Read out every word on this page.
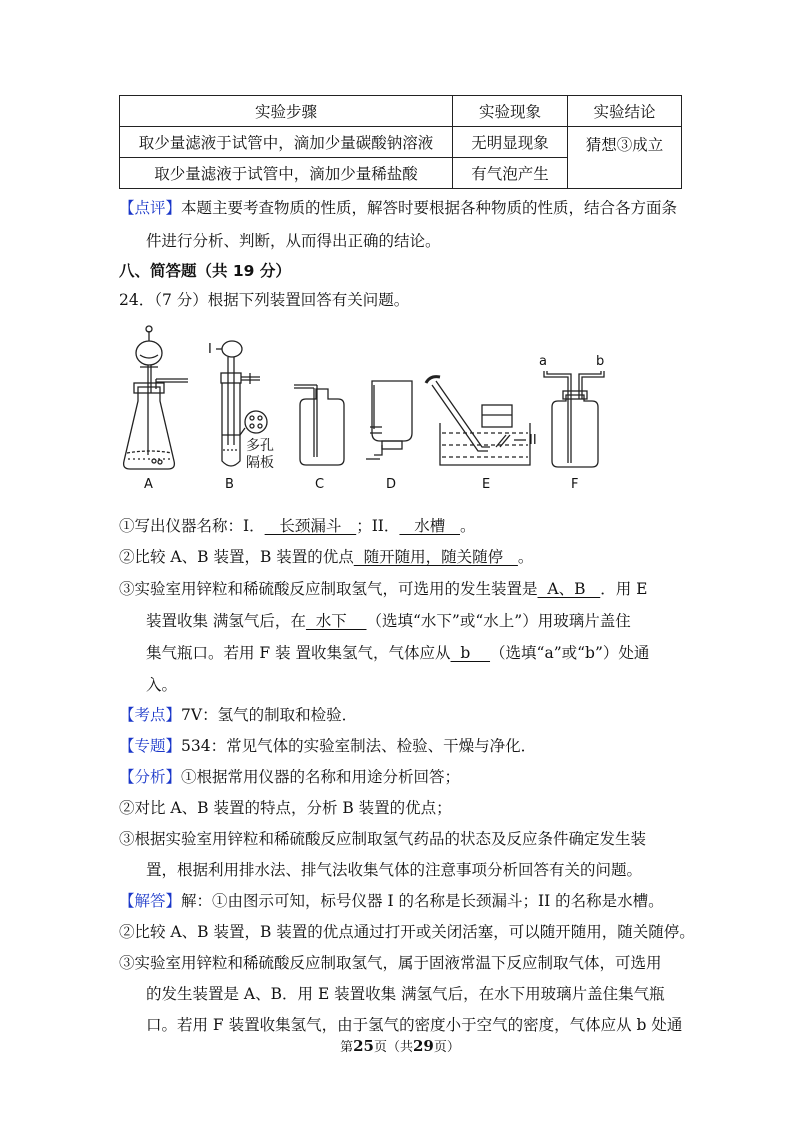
实验步骤	实验现象	实验结论
取少量滤液于试管中，滴加少量碳酸钠溶液	无明显现象	猜想③成立
取少量滤液于试管中，滴加少量稀盐酸	有气泡产生	
【点评】本题主要考查物质的性质，解答时要根据各种物质的性质，结合各方面条
件进行分析、判断，从而得出正确的结论。
八、简答题（共 19 分）
24．（7 分）根据下列装置回答有关问题。
A	B	C	D	E	F
I
II
多孔
隔板
a	b
①写出仪器名称：I．   长颈漏斗   ；II．   水槽   。
②比较 A、B 装置，B 装置的优点  随开随用，随关随停   。
③实验室用锌粒和稀硫酸反应制取氢气，可选用的发生装置是  A、B   ．用 E
装置收集 满氢气后，在  水下    （选填“水下”或“水上”）用玻璃片盖住
集气瓶口。若用 F 装 置收集氢气，气体应从  b    （选填“a”或“b”）处通
入。
【考点】7V：氢气的制取和检验．
【专题】534：常见气体的实验室制法、检验、干燥与净化．
【分析】①根据常用仪器的名称和用途分析回答；
②对比 A、B 装置的特点，分析 B 装置的优点；
③根据实验室用锌粒和稀硫酸反应制取氢气药品的状态及反应条件确定发生装
置，根据利用排水法、排气法收集气体的注意事项分析回答有关的问题。
【解答】解：①由图示可知，标号仪器 I 的名称是长颈漏斗；II 的名称是水槽。
②比较 A、B 装置，B 装置的优点通过打开或关闭活塞，可以随开随用，随关随停。
③实验室用锌粒和稀硫酸反应制取氢气，属于固液常温下反应制取气体，可选用
的发生装置是 A、B．用 E 装置收集 满氢气后，在水下用玻璃片盖住集气瓶
口。若用 F 装置收集氢气，由于氢气的密度小于空气的密度，气体应从 b 处通
第25页（共29页）
